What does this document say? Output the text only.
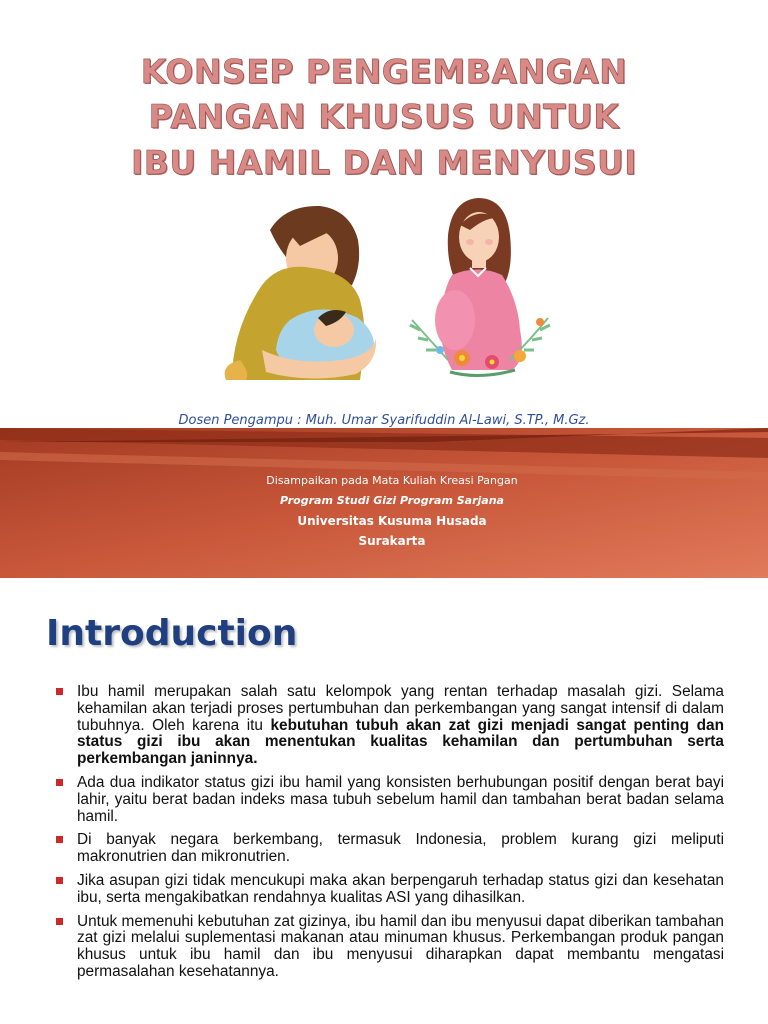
KONSEP PENGEMBANGAN
PANGAN KHUSUS UNTUK
IBU HAMIL DAN MENYUSUI
Dosen Pengampu : Muh. Umar Syarifuddin Al-Lawi, S.TP., M.Gz.
Disampaikan pada Mata Kuliah Kreasi Pangan
Program Studi Gizi Program Sarjana
Universitas Kusuma Husada
Surakarta
Introduction
Ibu hamil merupakan salah satu kelompok yang rentan terhadap masalah gizi. Selama kehamilan akan terjadi proses pertumbuhan dan perkembangan yang sangat intensif di dalam tubuhnya. Oleh karena itu kebutuhan tubuh akan zat gizi menjadi sangat penting dan status gizi ibu akan menentukan kualitas kehamilan dan pertumbuhan serta perkembangan janinnya.
Ada dua indikator status gizi ibu hamil yang konsisten berhubungan positif dengan berat bayi lahir, yaitu berat badan indeks masa tubuh sebelum hamil dan tambahan berat badan selama hamil.
Di banyak negara berkembang, termasuk Indonesia, problem kurang gizi meliputi makronutrien dan mikronutrien.
Jika asupan gizi tidak mencukupi maka akan berpengaruh terhadap status gizi dan kesehatan ibu, serta mengakibatkan rendahnya kualitas ASI yang dihasilkan.
Untuk memenuhi kebutuhan zat gizinya, ibu hamil dan ibu menyusui dapat diberikan tambahan zat gizi melalui suplementasi makanan atau minuman khusus. Perkembangan produk pangan khusus untuk ibu hamil dan ibu menyusui diharapkan dapat membantu mengatasi permasalahan kesehatannya.
